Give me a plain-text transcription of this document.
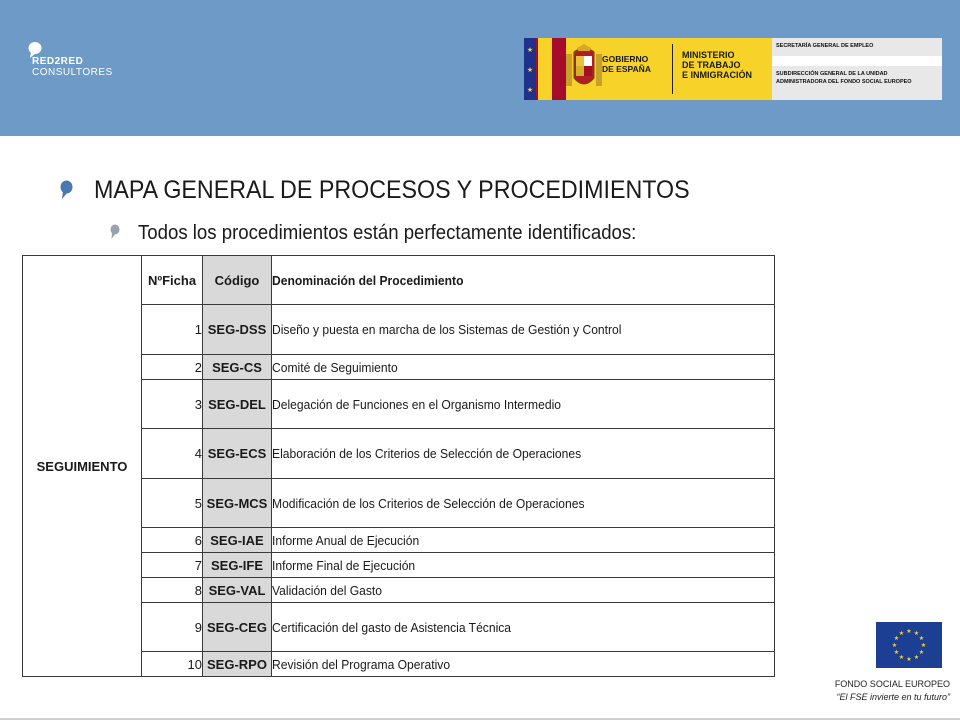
RED2RED
CONSULTORES
★
★
★
GOBIERNO
DE ESPAÑA
MINISTERIO
DE TRABAJO
E INMIGRACIÓN
SECRETARÍA GENERAL DE EMPLEO
SUBDIRECCIÓN GENERAL DE LA UNIDAD
ADMINISTRADORA DEL FONDO SOCIAL EUROPEO
MAPA GENERAL DE PROCESOS Y PROCEDIMIENTOS
Todos los procedimientos están perfectamente identificados:
SEGUIMIENTO	NºFicha	Código	Denominación del Procedimiento
	1	SEG-DSS	Diseño y puesta en marcha de los Sistemas de Gestión y Control
	2	SEG-CS	Comité de Seguimiento
	3	SEG-DEL	Delegación de Funciones en el Organismo Intermedio
	4	SEG-ECS	Elaboración de los Criterios de Selección de Operaciones
	5	SEG-MCS	Modificación de los Criterios de Selección de Operaciones
	6	SEG-IAE	Informe Anual de Ejecución
	7	SEG-IFE	Informe Final de Ejecución
	8	SEG-VAL	Validación del Gasto
	9	SEG-CEG	Certificación del gasto de Asistencia Técnica
	10	SEG-RPO	Revisión del Programa Operativo
★ ★
★
★
★
★
★
★
★
★
★
★
FONDO SOCIAL EUROPEO
“El FSE invierte en tu futuro”
